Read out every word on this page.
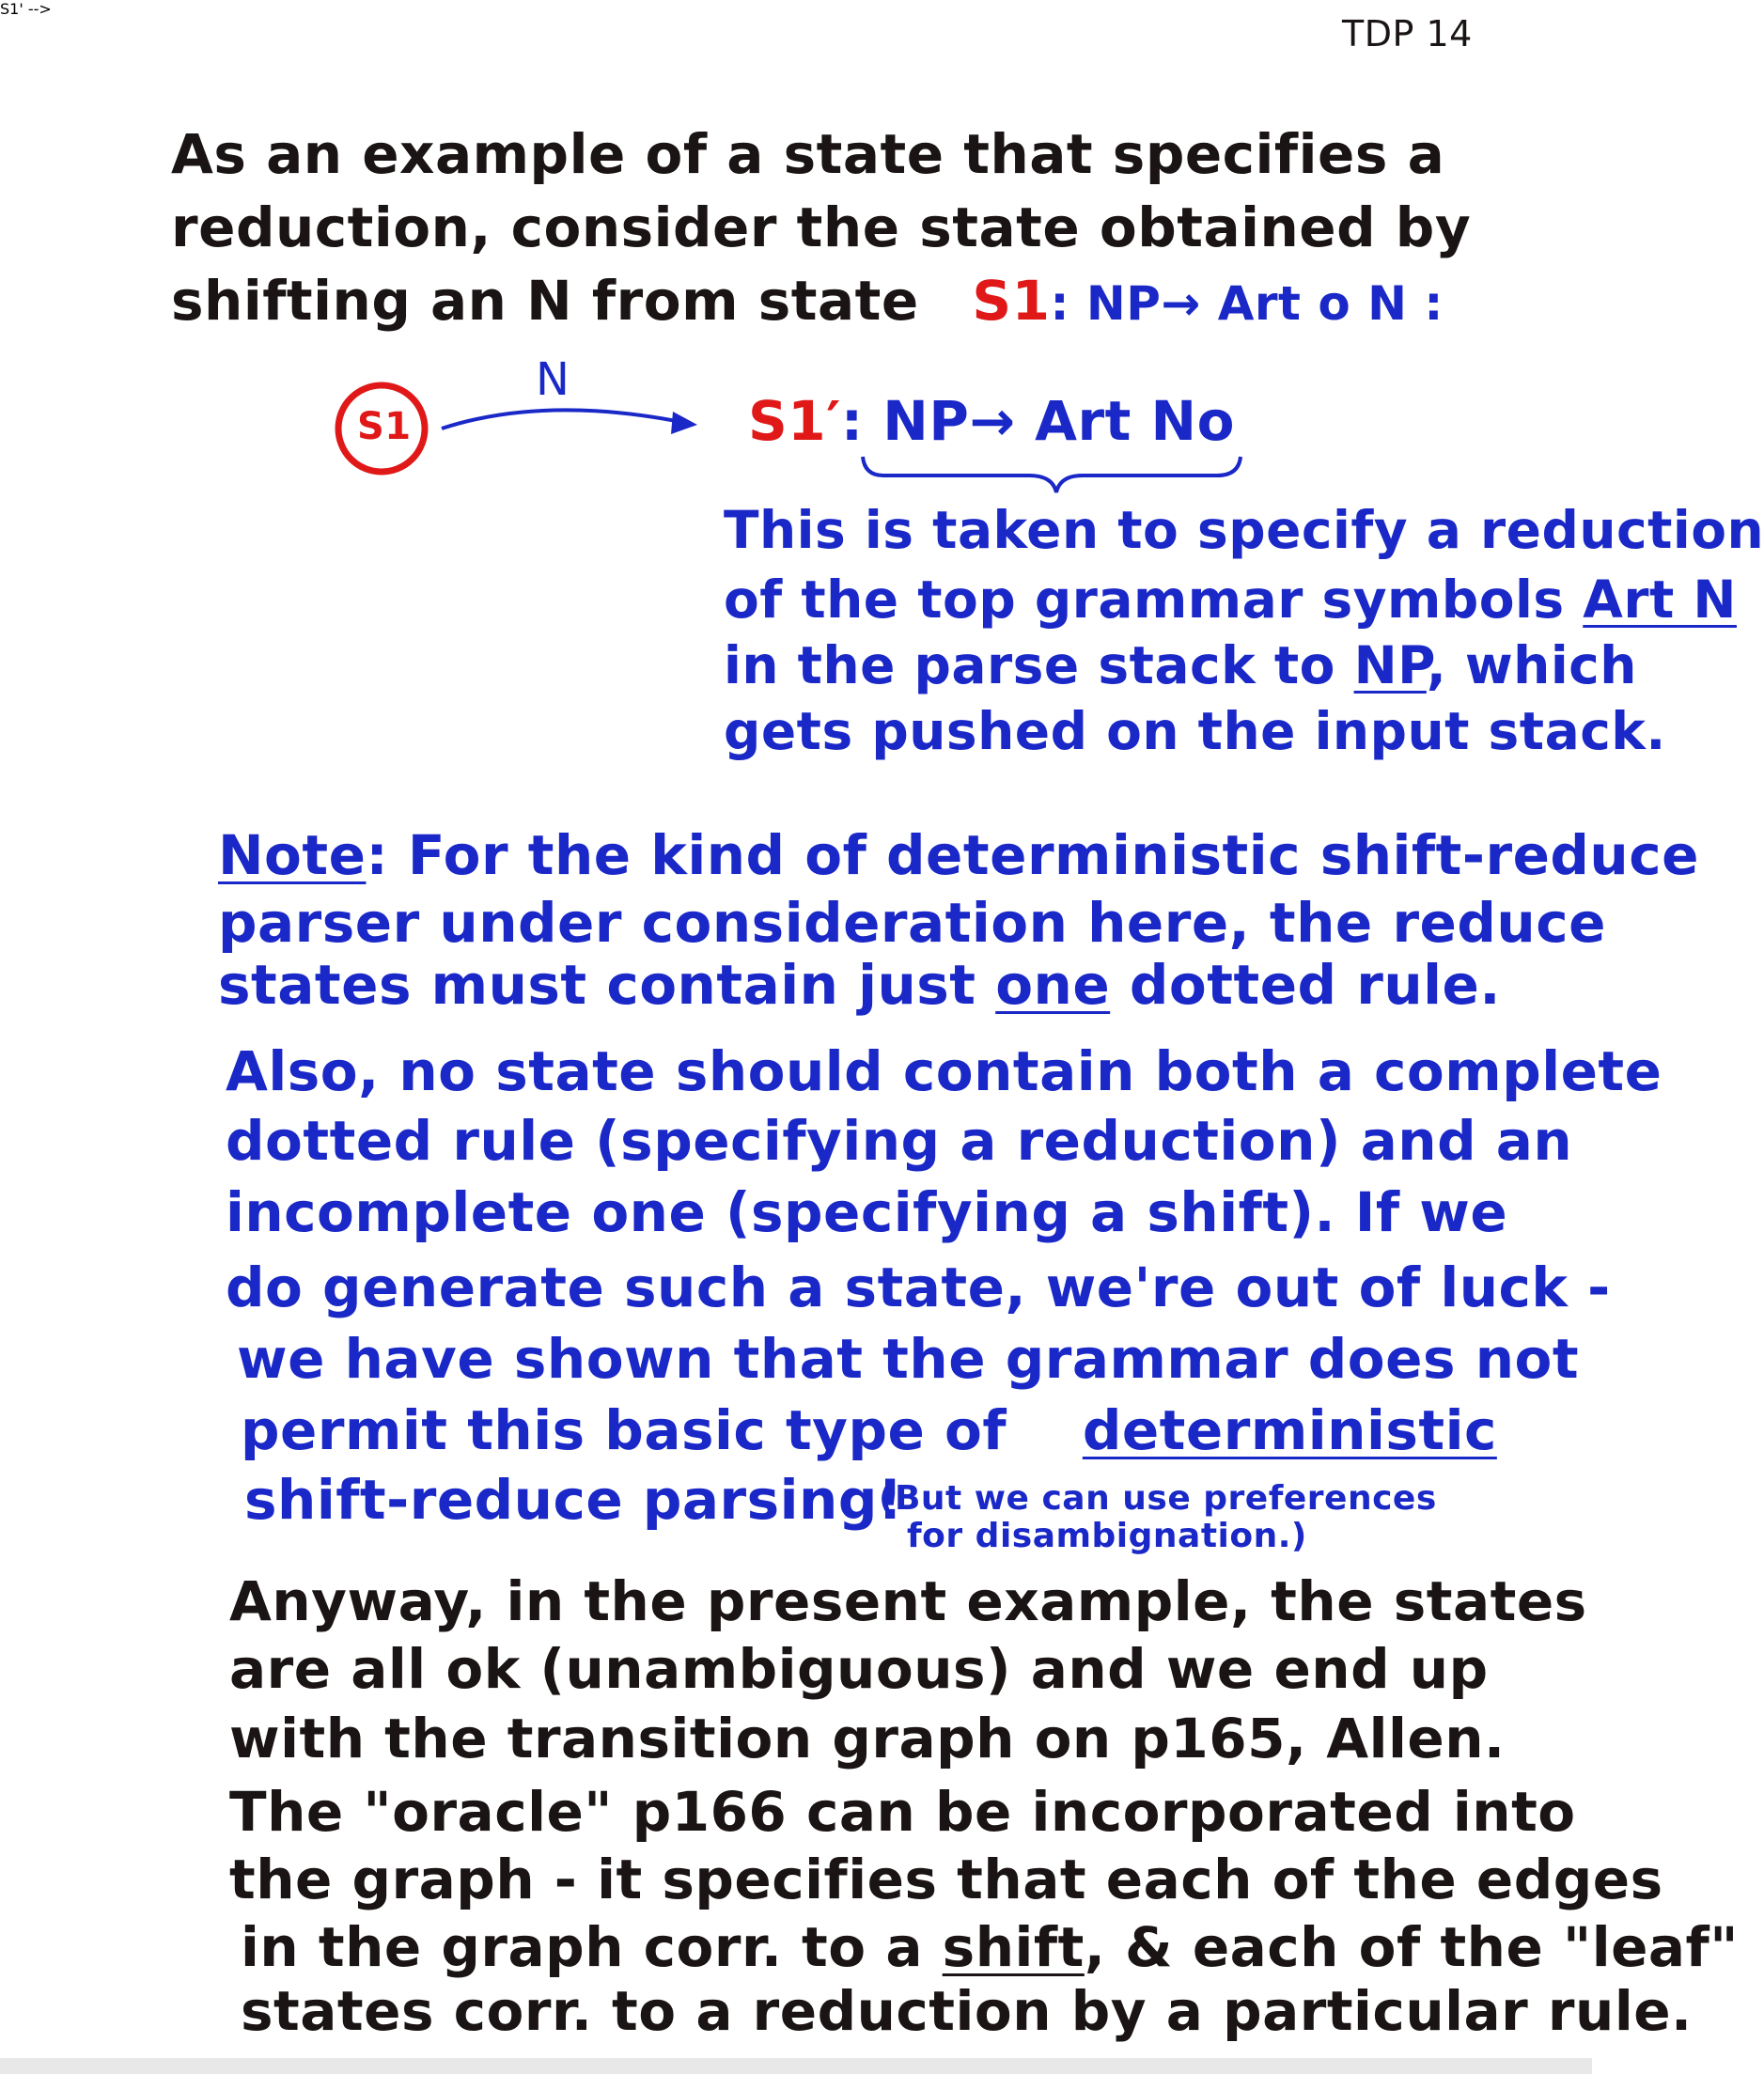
TDP 14
As an example of a state that specifies a
reduction, consider the state obtained by
shifting an N from state S1: NP→ Art o N :
S1' -->
S1
N
S1′: NP→ Art No
This is taken to specify a reduction
of the top grammar symbols Art N
in the parse stack to NP, which
gets pushed on the input stack.
Note: For the kind of deterministic shift-reduce
parser under consideration here, the reduce
states must contain just one dotted rule.
Also, no state should contain both a complete
dotted rule (specifying a reduction) and an
incomplete one (specifying a shift). If we
do generate such a state, we're out of luck -
we have shown that the grammar does not
permit this basic type of deterministic
shift-reduce parsing!
(But we can use preferences
for disambignation.)
Anyway, in the present example, the states
are all ok (unambiguous) and we end up
with the transition graph on p165, Allen.
The "oracle" p166 can be incorporated into
the graph - it specifies that each of the edges
in the graph corr. to a shift, & each of the "leaf"
states corr. to a reduction by a particular rule.
